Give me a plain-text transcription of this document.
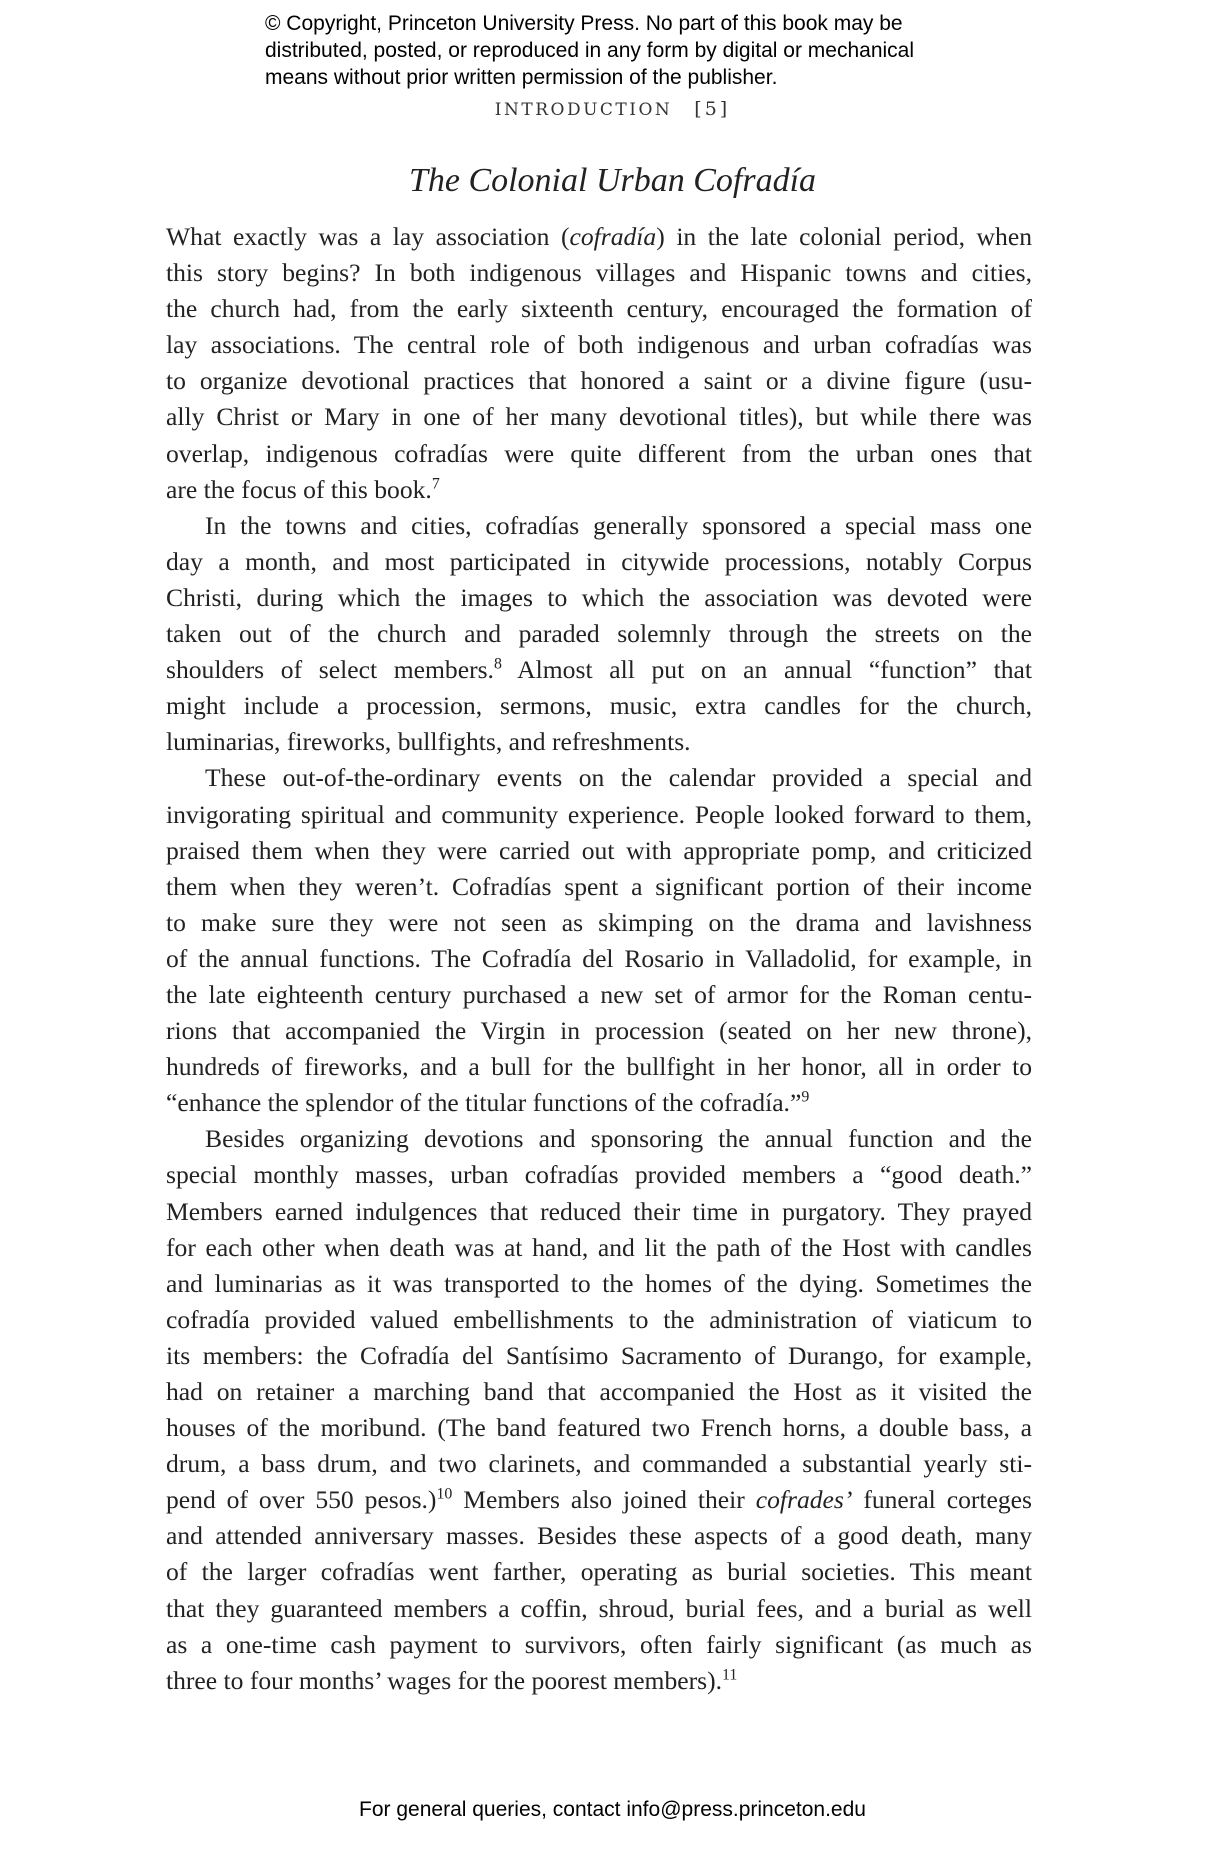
© Copyright, Princeton University Press. No part of this book may be
distributed, posted, or reproduced in any form by digital or mechanical
means without prior written permission of the publisher.
INTRODUCTION [5]
The Colonial Urban Cofradía
What exactly was a lay association (cofradía) in the late colonial period, when
this story begins? In both indigenous villages and Hispanic towns and cities,
the church had, from the early sixteenth century, encouraged the formation of
lay associations. The central role of both indigenous and urban cofradías was
to organize devotional practices that honored a saint or a divine figure (usu-
ally Christ or Mary in one of her many devotional titles), but while there was
overlap, indigenous cofradías were quite different from the urban ones that
are the focus of this book.$^7$
In the towns and cities, cofradías generally sponsored a special mass one
day a month, and most participated in citywide processions, notably Corpus
Christi, during which the images to which the association was devoted were
taken out of the church and paraded solemnly through the streets on the
shoulders of select members.$^8$ Almost all put on an annual “function” that
might include a procession, sermons, music, extra candles for the church,
luminarias, fireworks, bullfights, and refreshments.
These out-of-the-ordinary events on the calendar provided a special and
invigorating spiritual and community experience. People looked forward to them,
praised them when they were carried out with appropriate pomp, and criticized
them when they weren’t. Cofradías spent a significant portion of their income
to make sure they were not seen as skimping on the drama and lavishness
of the annual functions. The Cofradía del Rosario in Valladolid, for example, in
the late eighteenth century purchased a new set of armor for the Roman centu-
rions that accompanied the Virgin in procession (seated on her new throne),
hundreds of fireworks, and a bull for the bullfight in her honor, all in order to
“enhance the splendor of the titular functions of the cofradía.”$^9$
Besides organizing devotions and sponsoring the annual function and the
special monthly masses, urban cofradías provided members a “good death.”
Members earned indulgences that reduced their time in purgatory. They prayed
for each other when death was at hand, and lit the path of the Host with candles
and luminarias as it was transported to the homes of the dying. Sometimes the
cofradía provided valued embellishments to the administration of viaticum to
its members: the Cofradía del Santísimo Sacramento of Durango, for example,
had on retainer a marching band that accompanied the Host as it visited the
houses of the moribund. (The band featured two French horns, a double bass, a
drum, a bass drum, and two clarinets, and commanded a substantial yearly sti-
pend of over 550 pesos.)$^{10}$ Members also joined their cofrades’ funeral corteges
and attended anniversary masses. Besides these aspects of a good death, many
of the larger cofradías went farther, operating as burial societies. This meant
that they guaranteed members a coffin, shroud, burial fees, and a burial as well
as a one-time cash payment to survivors, often fairly significant (as much as
three to four months’ wages for the poorest members).$^{11}$
For general queries, contact info@press.princeton.edu
